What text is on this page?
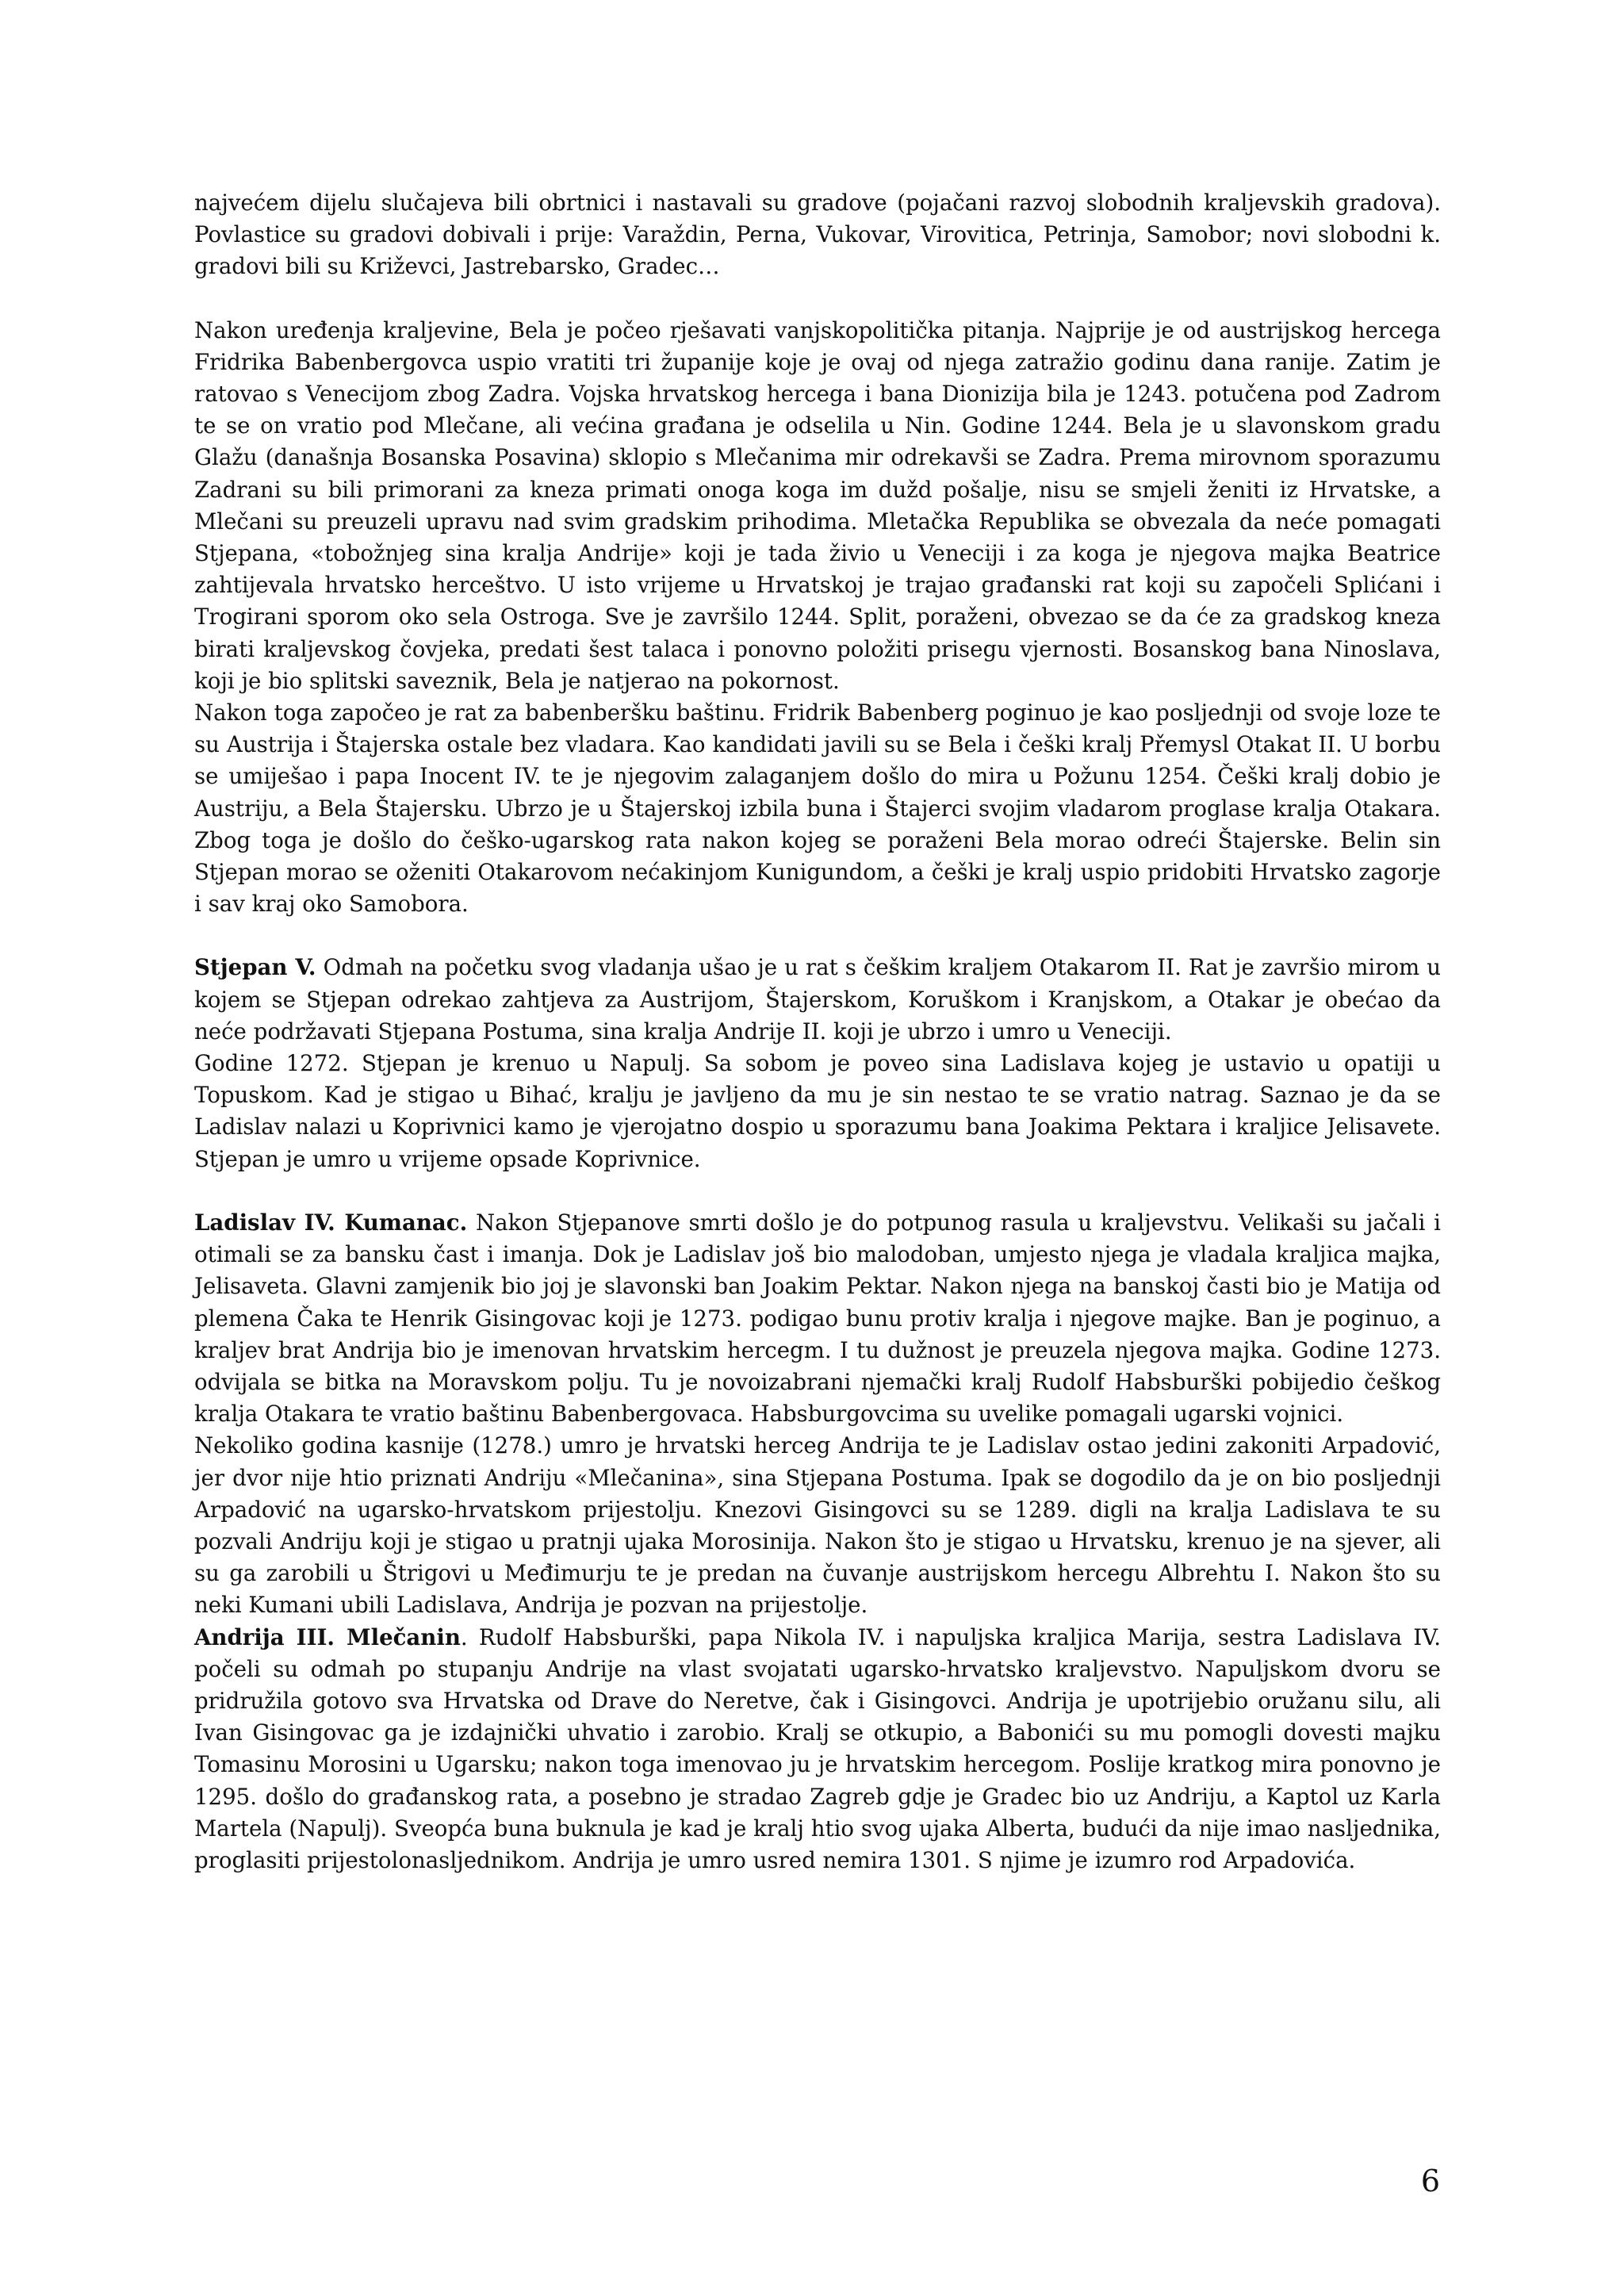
najvećem dijelu slučajeva bili obrtnici i nastavali su gradove (pojačani razvoj slobodnih kraljevskih gradova). Povlastice su gradovi dobivali i prije: Varaždin, Perna, Vukovar, Virovitica, Petrinja, Samobor; novi slobodni k. gradovi bili su Križevci, Jastrebarsko, Gradec…

Nakon uređenja kraljevine, Bela je počeo rješavati vanjskopolitička pitanja. Najprije je od austrijskog hercega Fridrika Babenbergovca uspio vratiti tri županije koje je ovaj od njega zatražio godinu dana ranije. Zatim je ratovao s Venecijom zbog Zadra. Vojska hrvatskog hercega i bana Dionizija bila je 1243. potučena pod Zadrom te se on vratio pod Mlečane, ali većina građana je odselila u Nin. Godine 1244. Bela je u slavonskom gradu Glažu (današnja Bosanska Posavina) sklopio s Mlečanima mir odrekavši se Zadra. Prema mirovnom sporazumu Zadrani su bili primorani za kneza primati onoga koga im dužd pošalje, nisu se smjeli ženiti iz Hrvatske, a Mlečani su preuzeli upravu nad svim gradskim prihodima. Mletačka Republika se obvezala da neće pomagati Stjepana, «tobožnjeg sina kralja Andrije» koji je tada živio u Veneciji i za koga je njegova majka Beatrice zahtijevala hrvatsko herceštvo. U isto vrijeme u Hrvatskoj je trajao građanski rat koji su započeli Splićani i Trogirani sporom oko sela Ostroga. Sve je završilo 1244. Split, poraženi, obvezao se da će za gradskog kneza birati kraljevskog čovjeka, predati šest talaca i ponovno položiti prisegu vjernosti. Bosanskog bana Ninoslava, koji je bio splitski saveznik, Bela je natjerao na pokornost.

Nakon toga započeo je rat za babenberšku baštinu. Fridrik Babenberg poginuo je kao posljednji od svoje loze te su Austrija i Štajerska ostale bez vladara. Kao kandidati javili su se Bela i češki kralj Přemysl Otakat II. U borbu se umiješao i papa Inocent IV. te je njegovim zalaganjem došlo do mira u Požunu 1254. Češki kralj dobio je Austriju, a Bela Štajersku. Ubrzo je u Štajerskoj izbila buna i Štajerci svojim vladarom proglase kralja Otakara. Zbog toga je došlo do češko-ugarskog rata nakon kojeg se poraženi Bela morao odreći Štajerske. Belin sin Stjepan morao se oženiti Otakarovom nećakinjom Kunigundom, a češki je kralj uspio pridobiti Hrvatsko zagorje i sav kraj oko Samobora.

Stjepan V. Odmah na početku svog vladanja ušao je u rat s češkim kraljem Otakarom II. Rat je završio mirom u kojem se Stjepan odrekao zahtjeva za Austrijom, Štajerskom, Koruškom i Kranjskom, a Otakar je obećao da neće podržavati Stjepana Postuma, sina kralja Andrije II. koji je ubrzo i umro u Veneciji.

Godine 1272. Stjepan je krenuo u Napulj. Sa sobom je poveo sina Ladislava kojeg je ustavio u opatiji u Topuskom. Kad je stigao u Bihać, kralju je javljeno da mu je sin nestao te se vratio natrag. Saznao je da se Ladislav nalazi u Koprivnici kamo je vjerojatno dospio u sporazumu bana Joakima Pektara i kraljice Jelisavete. Stjepan je umro u vrijeme opsade Koprivnice.

Ladislav IV. Kumanac. Nakon Stjepanove smrti došlo je do potpunog rasula u kraljevstvu. Velikaši su jačali i otimali se za bansku čast i imanja. Dok je Ladislav još bio malodoban, umjesto njega je vladala kraljica majka, Jelisaveta. Glavni zamjenik bio joj je slavonski ban Joakim Pektar. Nakon njega na banskoj časti bio je Matija od plemena Čaka te Henrik Gisingovac koji je 1273. podigao bunu protiv kralja i njegove majke. Ban je poginuo, a kraljev brat Andrija bio je imenovan hrvatskim hercegm. I tu dužnost je preuzela njegova majka. Godine 1273. odvijala se bitka na Moravskom polju. Tu je novoizabrani njemački kralj Rudolf Habsburški pobijedio češkog kralja Otakara te vratio baštinu Babenbergovaca. Habsburgovcima su uvelike pomagali ugarski vojnici.

Nekoliko godina kasnije (1278.) umro je hrvatski herceg Andrija te je Ladislav ostao jedini zakoniti Arpadović, jer dvor nije htio priznati Andriju «Mlečanina», sina Stjepana Postuma. Ipak se dogodilo da je on bio posljednji Arpadović na ugarsko-hrvatskom prijestolju. Knezovi Gisingovci su se 1289. digli na kralja Ladislava te su pozvali Andriju koji je stigao u pratnji ujaka Morosinija. Nakon što je stigao u Hrvatsku, krenuo je na sjever, ali su ga zarobili u Štrigovi u Međimurju te je predan na čuvanje austrijskom hercegu Albrehtu I. Nakon što su neki Kumani ubili Ladislava, Andrija je pozvan na prijestolje.

Andrija III. Mlečanin. Rudolf Habsburški, papa Nikola IV. i napuljska kraljica Marija, sestra Ladislava IV. počeli su odmah po stupanju Andrije na vlast svojatati ugarsko-hrvatsko kraljevstvo. Napuljskom dvoru se pridružila gotovo sva Hrvatska od Drave do Neretve, čak i Gisingovci. Andrija je upotrijebio oružanu silu, ali Ivan Gisingovac ga je izdajnički uhvatio i zarobio. Kralj se otkupio, a Babonići su mu pomogli dovesti majku Tomasinu Morosini u Ugarsku; nakon toga imenovao ju je hrvatskim hercegom. Poslije kratkog mira ponovno je 1295. došlo do građanskog rata, a posebno je stradao Zagreb gdje je Gradec bio uz Andriju, a Kaptol uz Karla Martela (Napulj). Sveopća buna buknula je kad je kralj htio svog ujaka Alberta, budući da nije imao nasljednika, proglasiti prijestolonasljednikom. Andrija je umro usred nemira 1301. S njime je izumro rod Arpadovića.

6
